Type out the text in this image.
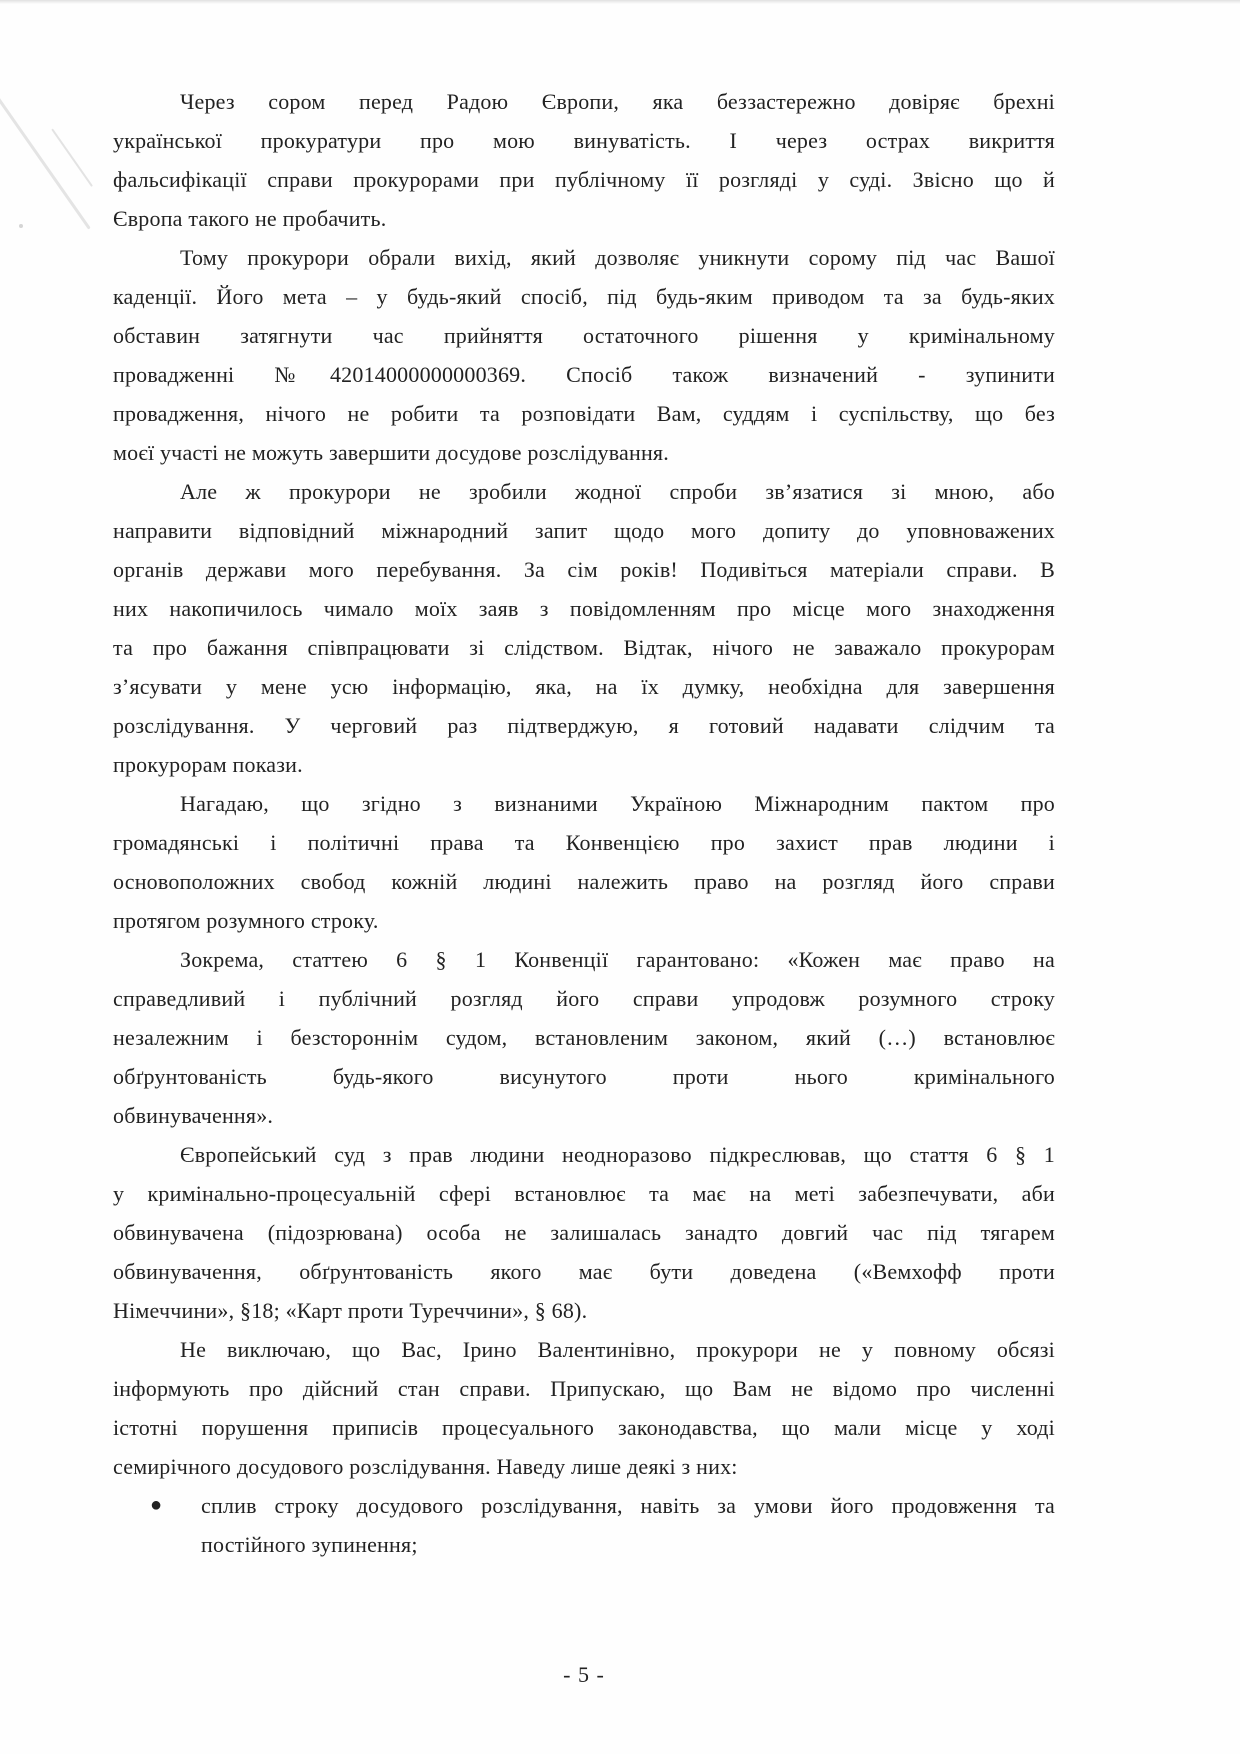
Через сором перед Радою Європи, яка беззастережно довіряє брехні
української прокуратури про мою винуватість. І через острах викриття
фальсифікації справи прокурорами при публічному її розгляді у суді. Звісно що й
Європа такого не пробачить.
Тому прокурори обрали вихід, який дозволяє уникнути сорому під час Вашої
каденції. Його мета – у будь-який спосіб, під будь-яким приводом та за будь-яких
обставин затягнути час прийняття остаточного рішення у кримінальному
провадженні №42014000000000369. Спосіб також визначений - зупинити
провадження, нічого не робити та розповідати Вам, суддям і суспільству, що без
моєї участі не можуть завершити досудове розслідування.
Але ж прокурори не зробили жодної спроби зв’язатися зі мною, або
направити відповідний міжнародний запит щодо мого допиту до уповноважених
органів держави мого перебування. За сім років! Подивіться матеріали справи. В
них накопичилось чимало моїх заяв з повідомленням про місце мого знаходження
та про бажання співпрацювати зі слідством. Відтак, нічого не заважало прокурорам
з’ясувати у мене усю інформацію, яка, на їх думку, необхідна для завершення
розслідування. У черговий раз підтверджую, я готовий надавати слідчим та
прокурорам покази.
Нагадаю, що згідно з визнаними Україною Міжнародним пактом про
громадянські і політичні права та Конвенцією про захист прав людини і
основоположних свобод кожній людині належить право на розгляд його справи
протягом розумного строку.
Зокрема, статтею 6 § 1 Конвенції гарантовано: «Кожен має право на
справедливий і публічний розгляд його справи упродовж розумного строку
незалежним і безстороннім судом, встановленим законом, який (…) встановлює
обґрунтованість будь-якого висунутого проти нього кримінального
обвинувачення».
Європейський суд з прав людини неодноразово підкреслював, що стаття 6 § 1
у кримінально-процесуальній сфері встановлює та має на меті забезпечувати, аби
обвинувачена (підозрювана) особа не залишалась занадто довгий час під тягарем
обвинувачення, обґрунтованість якого має бути доведена («Вемхофф проти
Німеччини», §18; «Карт проти Туреччини», § 68).
Не виключаю, що Вас, Ірино Валентинівно, прокурори не у повному обсязі
інформують про дійсний стан справи. Припускаю, що Вам не відомо про численні
істотні порушення приписів процесуального законодавства, що мали місце у ході
семирічного досудового розслідування. Наведу лише деякі з них:
●	сплив строку досудового розслідування, навіть за умови його продовження та
постійного зупинення;
- 5 -
